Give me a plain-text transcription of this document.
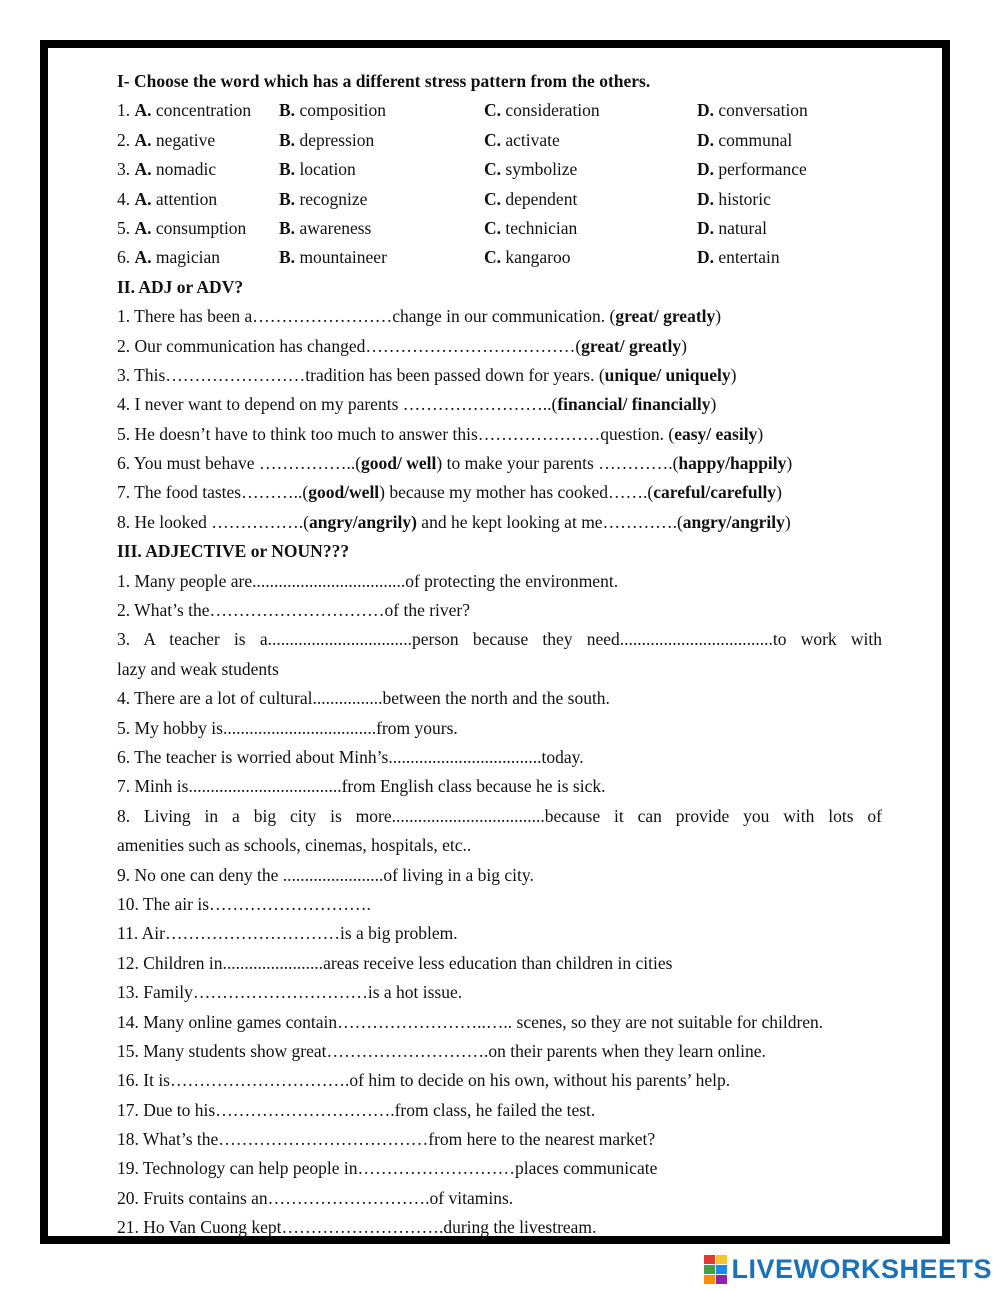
I- Choose the word which has a different stress pattern from the others.
1. A. concentration B. composition	C. consideration	D. conversation
2. A. negative	B. depression	C. activate	D. communal
3. A. nomadic	B. location	C. symbolize	D. performance
4. A. attention	B. recognize	C. dependent	D. historic
5. A. consumption B. awareness	C. technician	D. natural
6. A. magician	B. mountaineer	C. kangaroo	D. entertain
II. ADJ or ADV?
1. There has been a……………………change in our communication. (great/ greatly)
2. Our communication has changed………………………………(great/ greatly)
3. This……………………tradition has been passed down for years. (unique/ uniquely)
4. I never want to depend on my parents ……………………..(financial/ financially)
5. He doesn’t have to think too much to answer this…………………question. (easy/ easily)
6. You must behave ……………..(good/ well) to make your parents ………….(happy/happily)
7. The food tastes………..(good/well) because my mother has cooked…….(careful/carefully)
8. He looked …………….(angry/angrily) and he kept looking at me………….(angry/angrily)
III. ADJECTIVE or NOUN???
1. Many people are...................................of protecting the environment.
2. What’s the…………………………of the river?
3. A teacher is a.................................person because they need...................................to work with
lazy and weak students
4. There are a lot of cultural................between the north and the south.
5. My hobby is...................................from yours.
6. The teacher is worried about Minh’s...................................today.
7. Minh is...................................from English class because he is sick.
8. Living in a big city is more...................................because it can provide you with lots of
amenities such as schools, cinemas, hospitals, etc..
9. No one can deny the .......................of living in a big city.
10. The air is……………………….
11. Air…………………………is a big problem.
12. Children in.......................areas receive less education than children in cities
13. Family…………………………is a hot issue.
14. Many online games contain……………………..….. scenes, so they are not suitable for children.
15. Many students show great……………………….on their parents when they learn online.
16. It is………………………….of him to decide on his own, without his parents’ help.
17. Due to his………………………….from class, he failed the test.
18. What’s the………………………………from here to the nearest market?
19. Technology can help people in………………………places communicate
20. Fruits contains an……………………….of vitamins.
21. Ho Van Cuong kept……………………….during the livestream.
LIVEWORKSHEETS
